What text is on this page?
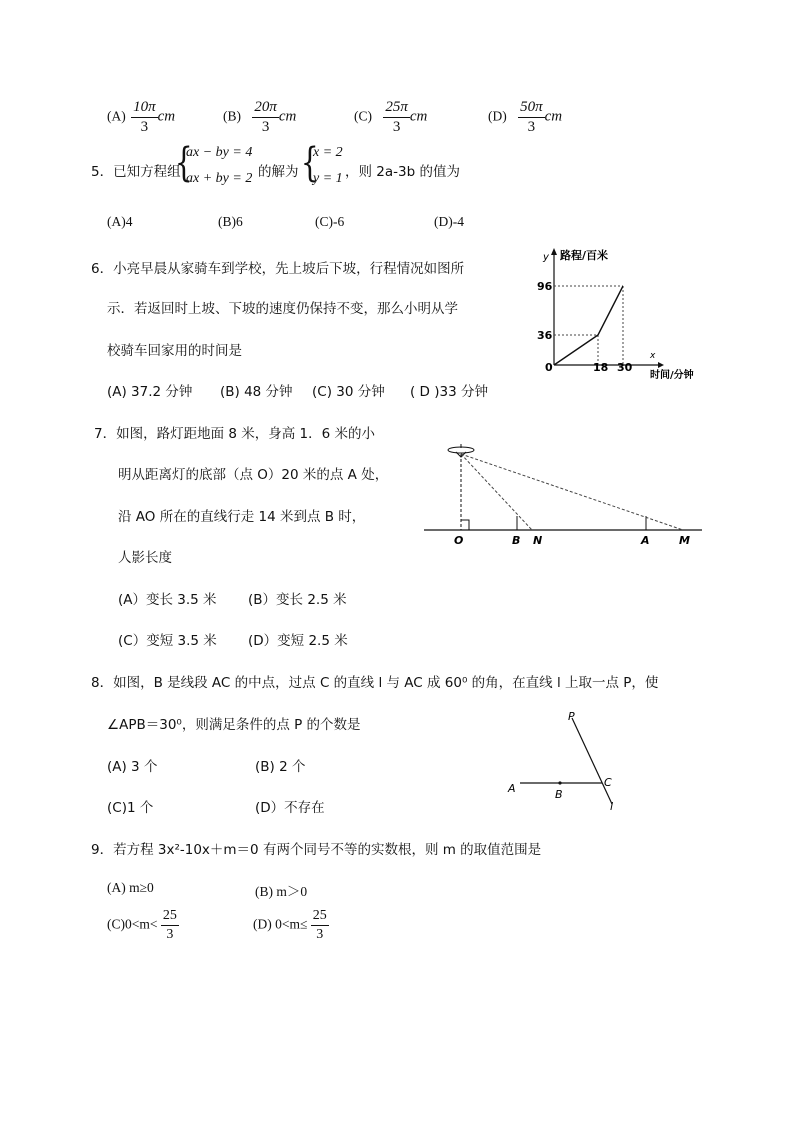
$(A) \frac{10\pi}{3}$ cm	$(B) \frac{20\pi}{3}$ cm	$(C) \frac{25\pi}{3}$ cm	$(D) \frac{50\pi}{3}$ cm
5．已知方程组
{
ax − by = 4
ax + by = 2 的解为 {
x = 2
y = 1 ，则 2a-3b 的值为
(A)4	(B)6	(C)-6	(D)-4
6．小亮早晨从家骑车到学校，先上坡后下坡，行程情况如图所
示．若返回时上坡、下坡的速度仍保持不变，那么小明从学
校骑车回家用的时间是
(A) 37.2 分钟 (B) 48 分钟 (C) 30 分钟 ( D )33 分钟
y 路程/百米
x
时间/分钟
0	18 30
36
96
7．如图，路灯距地面 8 米，身高 1．6 米的小
明从距离灯的底部（点 O）20 米的点 A 处，
沿 AO 所在的直线行走 14 米到点 B 时，
人影长度
(A）变长 3.5 米 (B）变长 2.5 米
(C）变短 3.5 米 (D）变短 2.5 米
O	B N	A	M
8．如图，B 是线段 AC 的中点，过点 C 的直线 l 与 AC 成 60⁰ 的角，在直线 l 上取一点 P，使
∠APB＝30⁰，则满足条件的点 P 的个数是
(A) 3 个	(B) 2 个
(C)1 个	(D）不存在
P
A	B
C
l
9．若方程 3x²-10x＋m＝0 有两个同号不等的实数根，则 m 的取值范围是
(A) m≥0	(B) m＞0
$(C)0<m< \frac{25}{3}$	(D) $0<m\le \frac{25}{3}$
